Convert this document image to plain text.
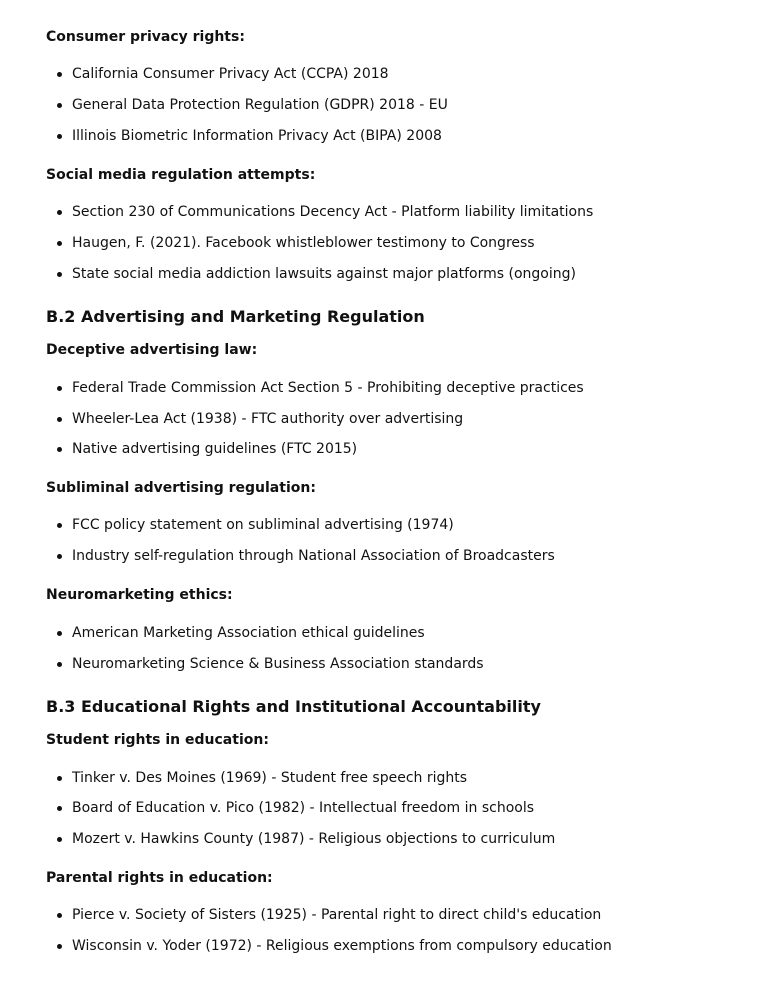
Consumer privacy rights:
California Consumer Privacy Act (CCPA) 2018
General Data Protection Regulation (GDPR) 2018 - EU
Illinois Biometric Information Privacy Act (BIPA) 2008
Social media regulation attempts:
Section 230 of Communications Decency Act - Platform liability limitations
Haugen, F. (2021). Facebook whistleblower testimony to Congress
State social media addiction lawsuits against major platforms (ongoing)
B.2 Advertising and Marketing Regulation
Deceptive advertising law:
Federal Trade Commission Act Section 5 - Prohibiting deceptive practices
Wheeler-Lea Act (1938) - FTC authority over advertising
Native advertising guidelines (FTC 2015)
Subliminal advertising regulation:
FCC policy statement on subliminal advertising (1974)
Industry self-regulation through National Association of Broadcasters
Neuromarketing ethics:
American Marketing Association ethical guidelines
Neuromarketing Science & Business Association standards
B.3 Educational Rights and Institutional Accountability
Student rights in education:
Tinker v. Des Moines (1969) - Student free speech rights
Board of Education v. Pico (1982) - Intellectual freedom in schools
Mozert v. Hawkins County (1987) - Religious objections to curriculum
Parental rights in education:
Pierce v. Society of Sisters (1925) - Parental right to direct child's education
Wisconsin v. Yoder (1972) - Religious exemptions from compulsory education
